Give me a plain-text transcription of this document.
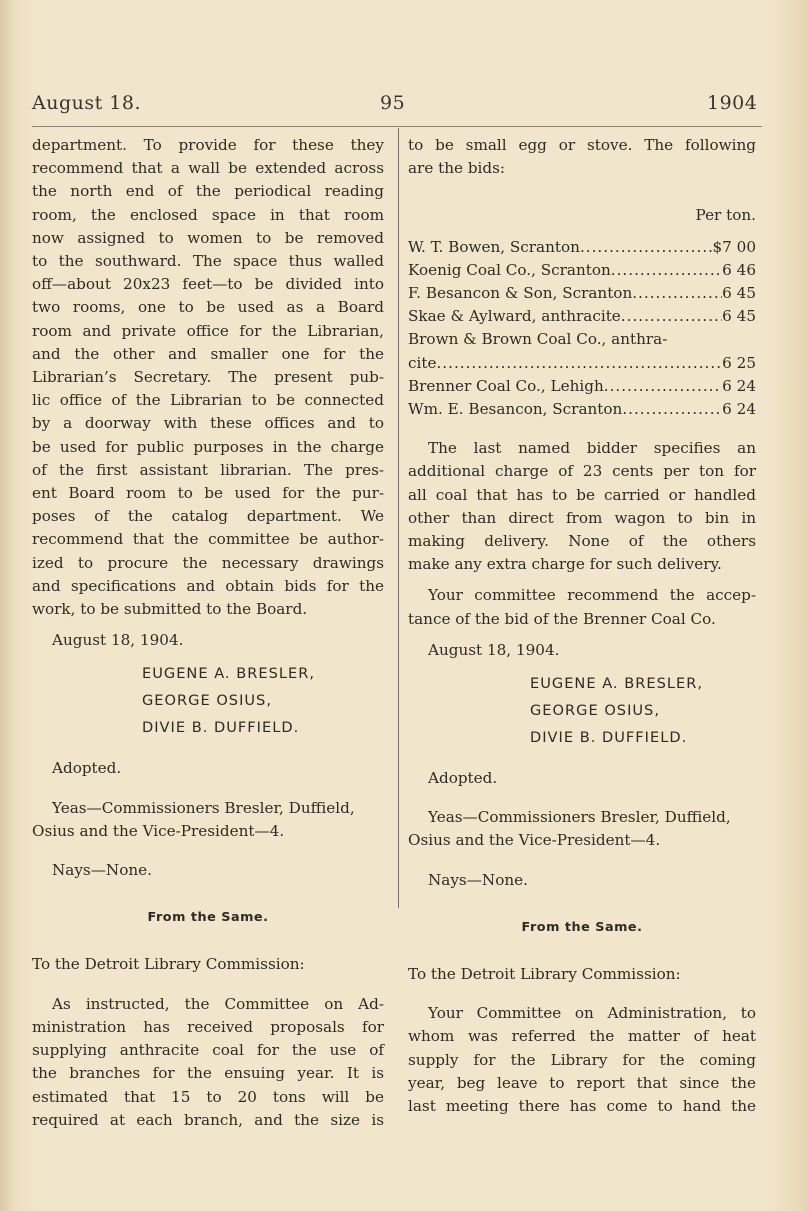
August 18.	95	1904

department. To provide for these they

recommend that a wall be extended across

the north end of the periodical reading

room, the enclosed space in that room

now assigned to women to be removed

to the southward. The space thus walled

off—about 20x23 feet—to be divided into

two rooms, one to be used as a Board

room and private office for the Librarian,

and the other and smaller one for the

Librarian’s Secretary. The present pub-

lic office of the Librarian to be connected

by a doorway with these offices and to

be used for public purposes in the charge

of the first assistant librarian. The pres-

ent Board room to be used for the pur-

poses of the catalog department. We

recommend that the committee be author-

ized to procure the necessary drawings

and specifications and obtain bids for the

work, to be submitted to the Board.

August 18, 1904.

EUGENE A. BRESLER,
GEORGE OSIUS,
DIVIE B. DUFFIELD.

Adopted.

Yeas—Commissioners Bresler, Duffield,

Osius and the Vice-President—4.

Nays—None.

From the Same.

To the Detroit Library Commission:

As instructed, the Committee on Ad-

ministration has received proposals for

supplying anthracite coal for the use of

the branches for the ensuing year. It is

estimated that 15 to 20 tons will be

required at each branch, and the size is

to be small egg or stove. The following

are the bids:

Per ton.

W. T. Bowen, Scranton .....	$7 00
Koenig Coal Co., Scranton .....	6 46
F. Besancon & Son, Scranton .....	6 45
Skae & Aylward, anthracite .....	6 45

Brown & Brown Coal Co., anthra-

cite .....	6 25
Brenner Coal Co., Lehigh .....	6 24
Wm. E. Besancon, Scranton .....	6 24

The last named bidder specifies an

additional charge of 23 cents per ton for

all coal that has to be carried or handled

other than direct from wagon to bin in

making delivery. None of the others

make any extra charge for such delivery.

Your committee recommend the accep-

tance of the bid of the Brenner Coal Co.

August 18, 1904.

EUGENE A. BRESLER,
GEORGE OSIUS,
DIVIE B. DUFFIELD.

Adopted.

Yeas—Commissioners Bresler, Duffield,

Osius and the Vice-President—4.

Nays—None.

From the Same.

To the Detroit Library Commission:

Your Committee on Administration, to

whom was referred the matter of heat

supply for the Library for the coming

year, beg leave to report that since the

last meeting there has come to hand the
